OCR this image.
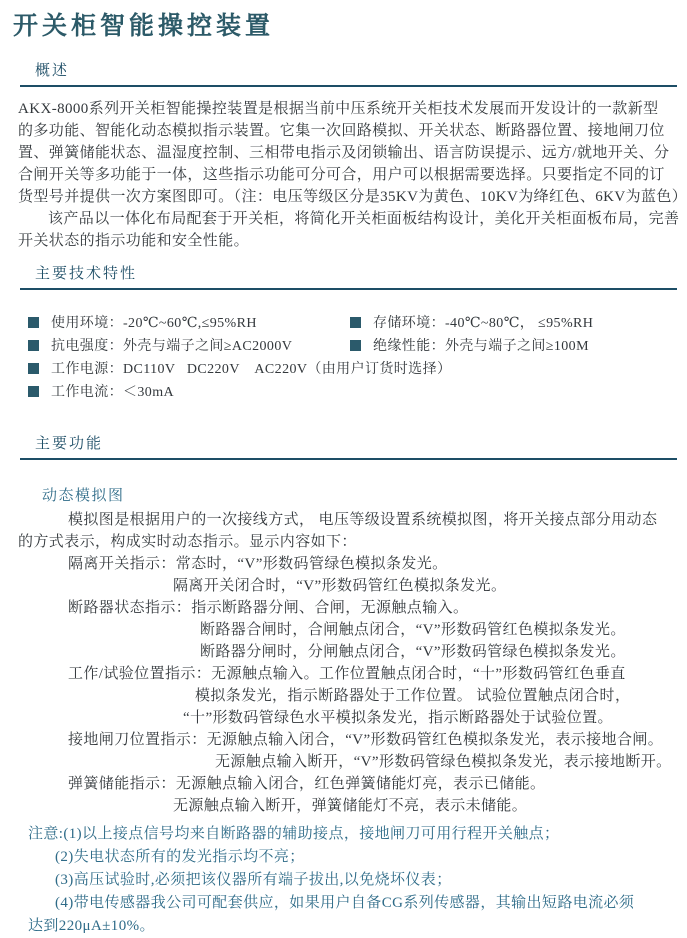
开关柜智能操控装置
概述
AKX-8000系列开关柜智能操控装置是根据当前中压系统开关柜技术发展而开发设计的一款新型
的多功能、智能化动态模拟指示装置。它集一次回路模拟、开关状态、断路器位置、接地闸刀位
置、弹簧储能状态、温湿度控制、三相带电指示及闭锁输出、语言防误提示、远方/就地开关、分
合闸开关等多功能于一体，这些指示功能可分可合，用户可以根据需要选择。只要指定不同的订
货型号并提供一次方案图即可。（注：电压等级区分是35KV为黄色、10KV为绛红色、6KV为蓝色）
该产品以一体化布局配套于开关柜，将简化开关柜面板结构设计，美化开关柜面板布局，完善
开关状态的指示功能和安全性能。
主要技术特性
使用环境：-20℃~60℃,≤95%RH	存储环境：-40℃~80℃， ≤95%RH
抗电强度：外壳与端子之间≥AC2000V	绝缘性能：外壳与端子之间≥100M
工作电源：DC110V   DC220V    AC220V（由用户订货时选择）
工作电流：＜30mA
主要功能
动态模拟图
模拟图是根据用户的一次接线方式， 电压等级设置系统模拟图，将开关接点部分用动态
的方式表示，构成实时动态指示。显示内容如下：
隔离开关指示：常态时，“V”形数码管绿色模拟条发光。
隔离开关闭合时，“V”形数码管红色模拟条发光。
断路器状态指示：指示断路器分闸、合闸，无源触点输入。
断路器合闸时，合闸触点闭合，“V”形数码管红色模拟条发光。
断路器分闸时，分闸触点闭合，“V”形数码管绿色模拟条发光。
工作/试验位置指示：无源触点输入。工作位置触点闭合时，“十”形数码管红色垂直
模拟条发光，指示断路器处于工作位置。 试验位置触点闭合时，
“十”形数码管绿色水平模拟条发光，指示断路器处于试验位置。
接地闸刀位置指示：无源触点输入闭合，“V”形数码管红色模拟条发光，表示接地合闸。
无源触点输入断开，“V”形数码管绿色模拟条发光，表示接地断开。
弹簧储能指示：无源触点输入闭合，红色弹簧储能灯亮，表示已储能。
无源触点输入断开，弹簧储能灯不亮，表示未储能。
注意:(1)以上接点信号均来自断路器的辅助接点，接地闸刀可用行程开关触点；
(2)失电状态所有的发光指示均不亮；
(3)高压试验时,必须把该仪器所有端子拔出,以免烧坏仪表；
(4)带电传感器我公司可配套供应，如果用户自备CG系列传感器，其输出短路电流必须
达到220μA±10%。
